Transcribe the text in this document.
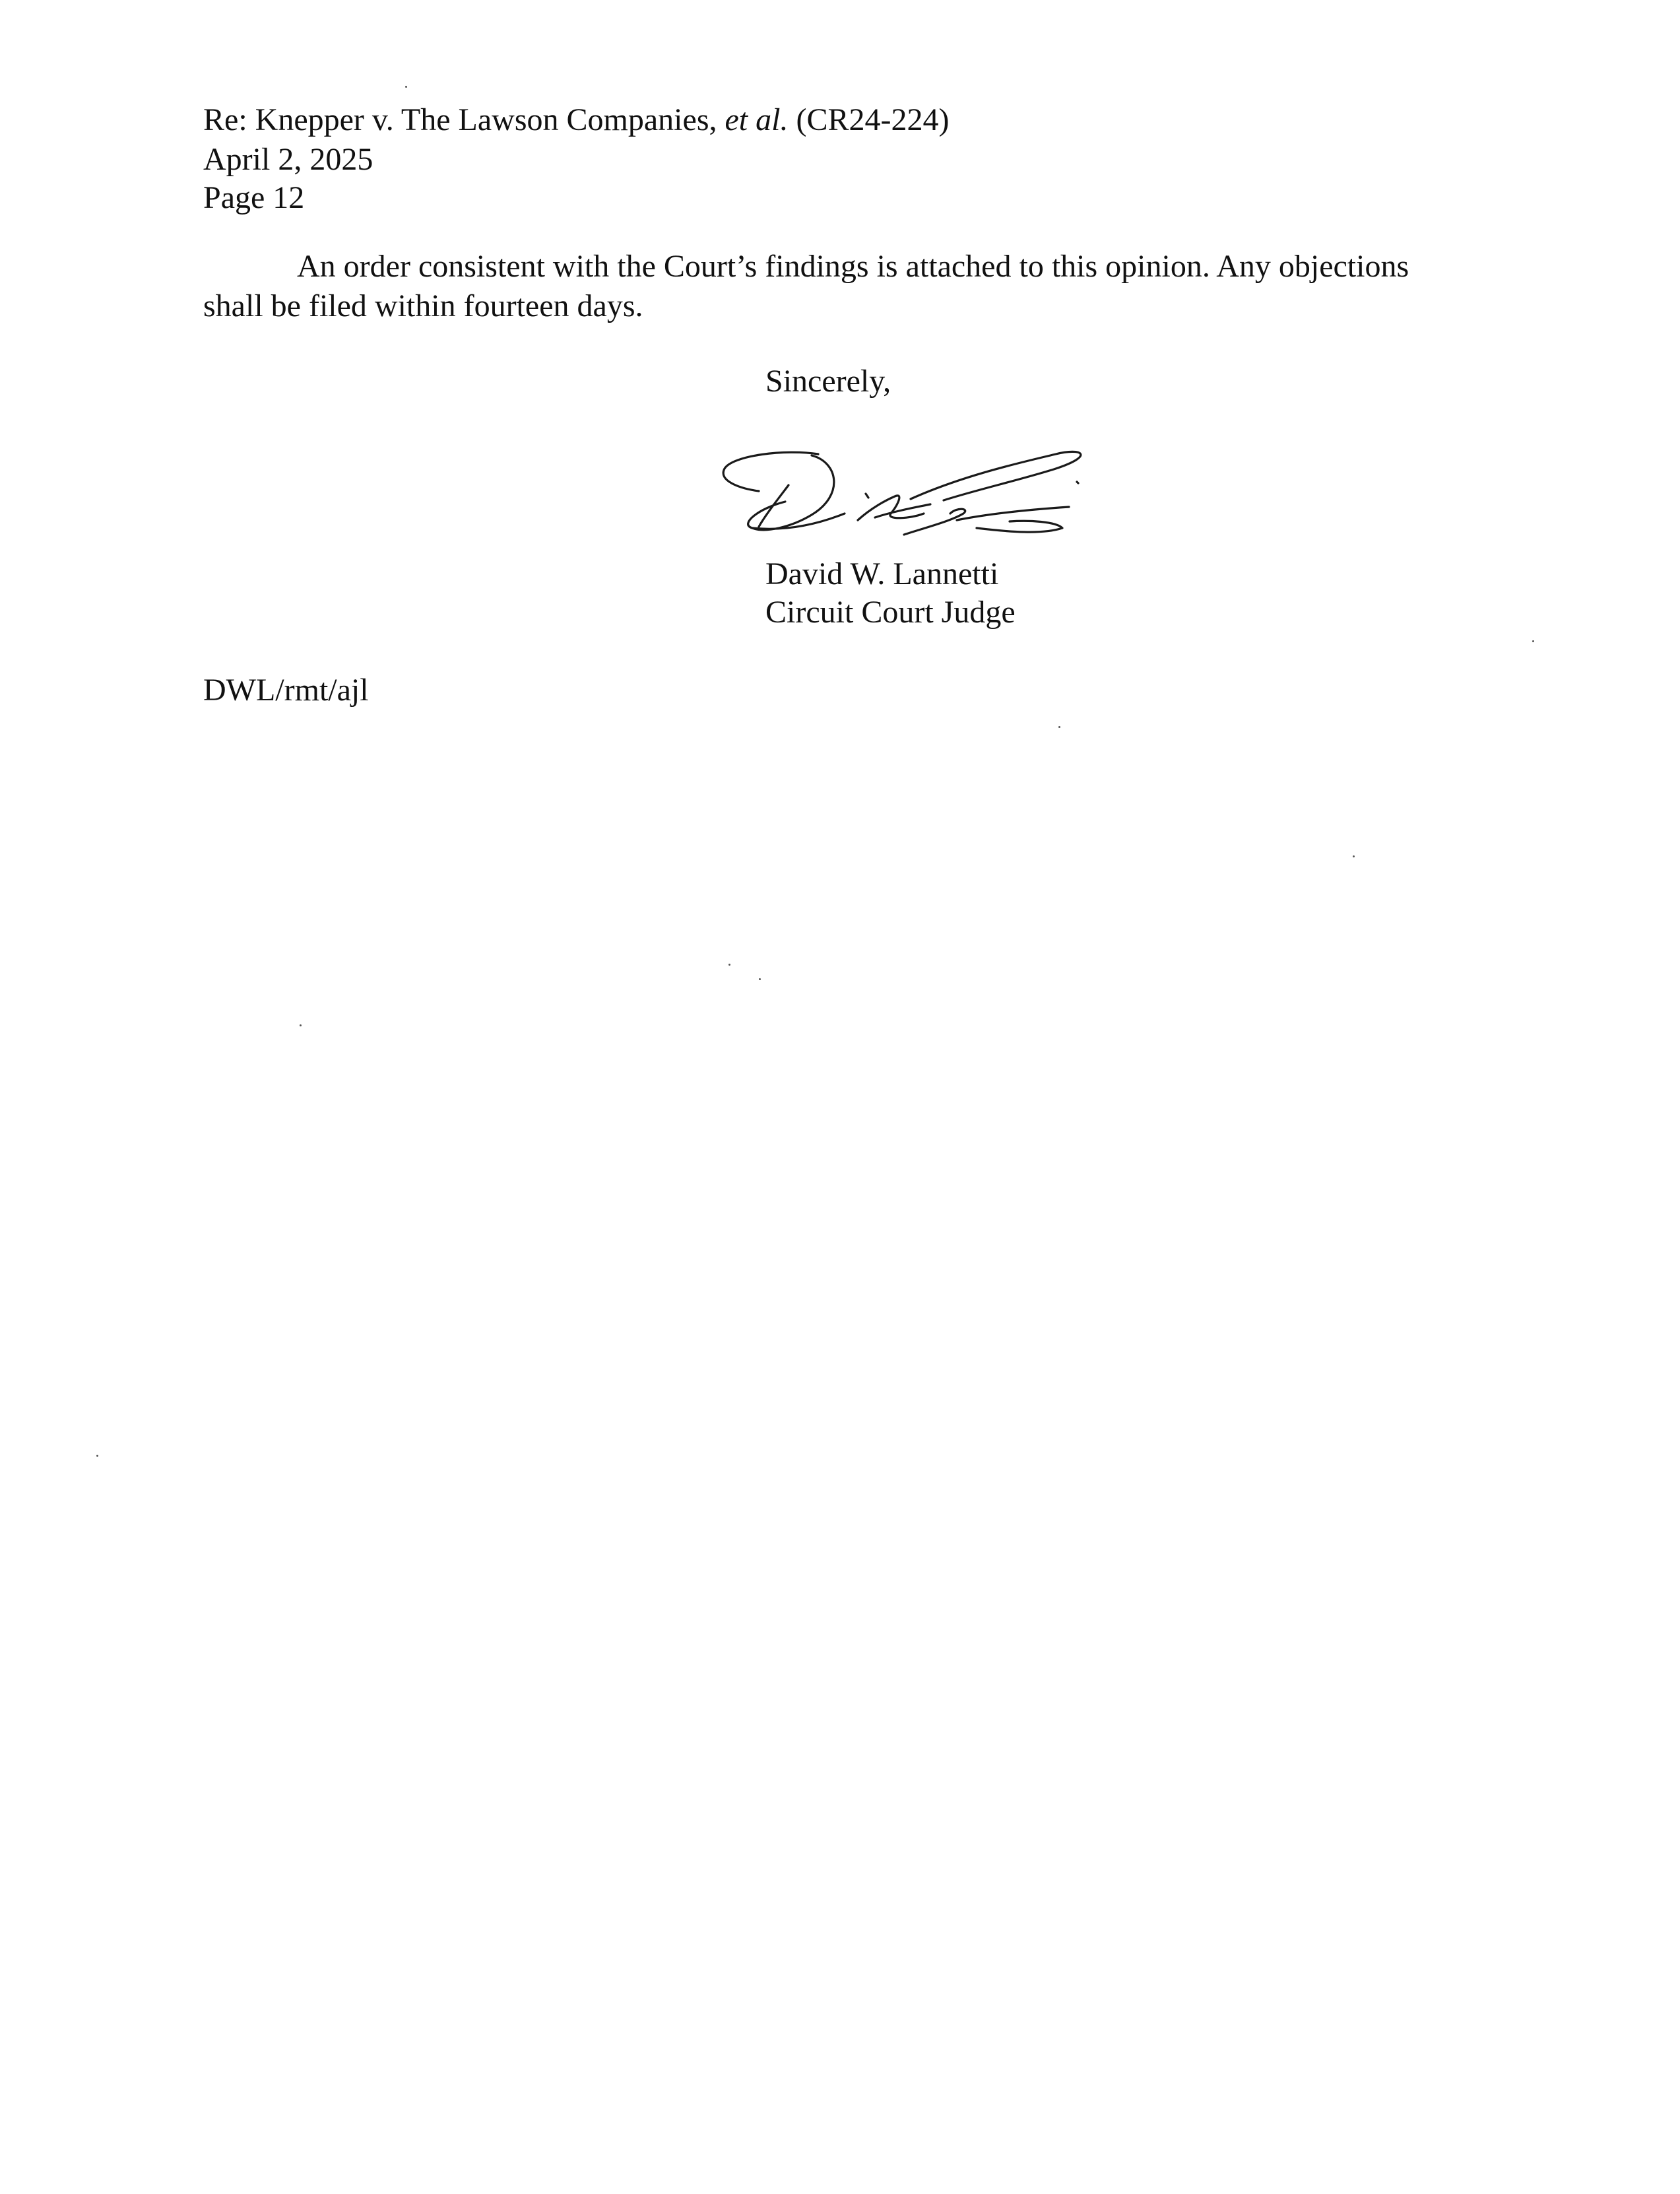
Re: Knepper v. The Lawson Companies, et al. (CR24-224)
April 2, 2025
Page 12
An order consistent with the Court’s findings is attached to this opinion. Any objections
shall be filed within fourteen days.
Sincerely,
David W. Lannetti
Circuit Court Judge
DWL/rmt/ajl
